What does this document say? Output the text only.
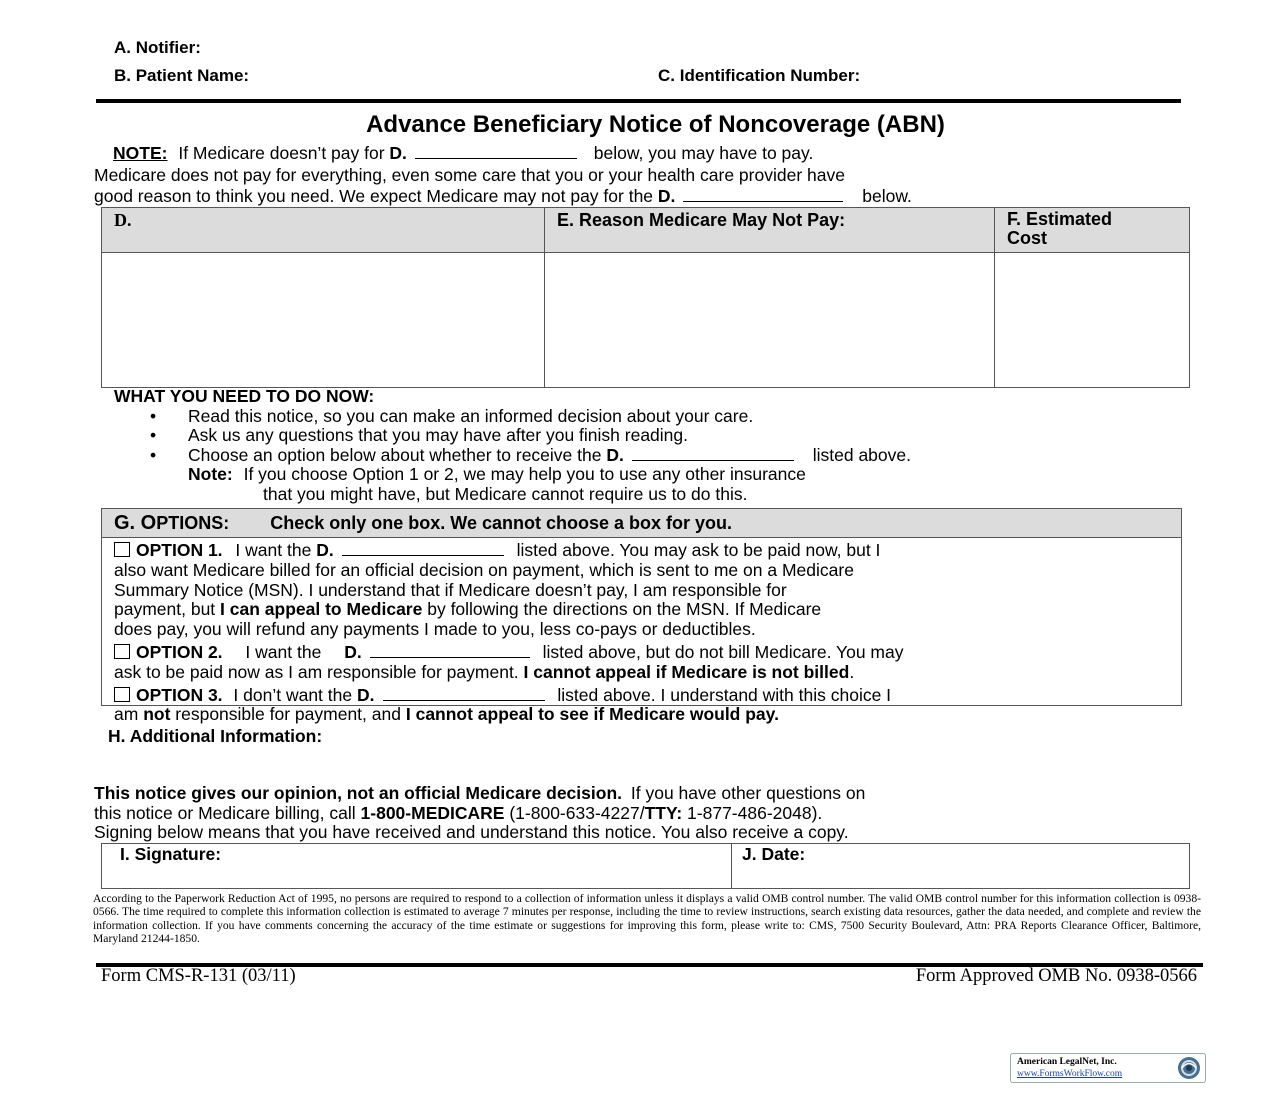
A. Notifier:
B. Patient Name:	C. Identification Number:
Advance Beneficiary Notice of Noncoverage (ABN)
NOTE: If Medicare doesn’t pay for D.	below, you may have to pay.
Medicare does not pay for everything, even some care that you or your health care provider have
good reason to think you need. We expect Medicare may not pay for the D.	below.
D.	E. Reason Medicare May Not Pay:	F. Estimated
Cost

WHAT YOU NEED TO DO NOW:
• Read this notice, so you can make an informed decision about your care.
• Ask us any questions that you may have after you finish reading.
• Choose an option below about whether to receive the D.	listed above.
Note: If you choose Option 1 or 2, we may help you to use any other insurance
that you might have, but Medicare cannot require us to do this.
G. OPTIONS: Check only one box. We cannot choose a box for you.
OPTION 1. I want the D.	listed above. You may ask to be paid now, but I
also want Medicare billed for an official decision on payment, which is sent to me on a Medicare
Summary Notice (MSN). I understand that if Medicare doesn’t pay, I am responsible for
payment, but I can appeal to Medicare by following the directions on the MSN. If Medicare
does pay, you will refund any payments I made to you, less co-pays or deductibles.
OPTION 2. I want the D.	listed above, but do not bill Medicare. You may
ask to be paid now as I am responsible for payment. I cannot appeal if Medicare is not billed.
OPTION 3. I don’t want the D.	listed above. I understand with this choice I
am not responsible for payment, and I cannot appeal to see if Medicare would pay.
H. Additional Information:
This notice gives our opinion, not an official Medicare decision. If you have other questions on
this notice or Medicare billing, call 1-800-MEDICARE (1-800-633-4227/TTY: 1-877-486-2048).
Signing below means that you have received and understand this notice. You also receive a copy.
I. Signature:	J. Date:
According to the Paperwork Reduction Act of 1995, no persons are required to respond to a collection of information unless it displays a valid OMB control number. The valid OMB control number for this information collection is 0938-0566. The time required to complete this information collection is estimated to average 7 minutes per response, including the time to review instructions, search existing data resources, gather the data needed, and complete and review the information collection. If you have comments concerning the accuracy of the time estimate or suggestions for improving this form, please write to: CMS, 7500 Security Boulevard, Attn: PRA Reports Clearance Officer, Baltimore, Maryland 21244-1850.
Form CMS-R-131 (03/11)	Form Approved OMB No. 0938-0566
American LegalNet, Inc.
www.FormsWorkFlow.com
